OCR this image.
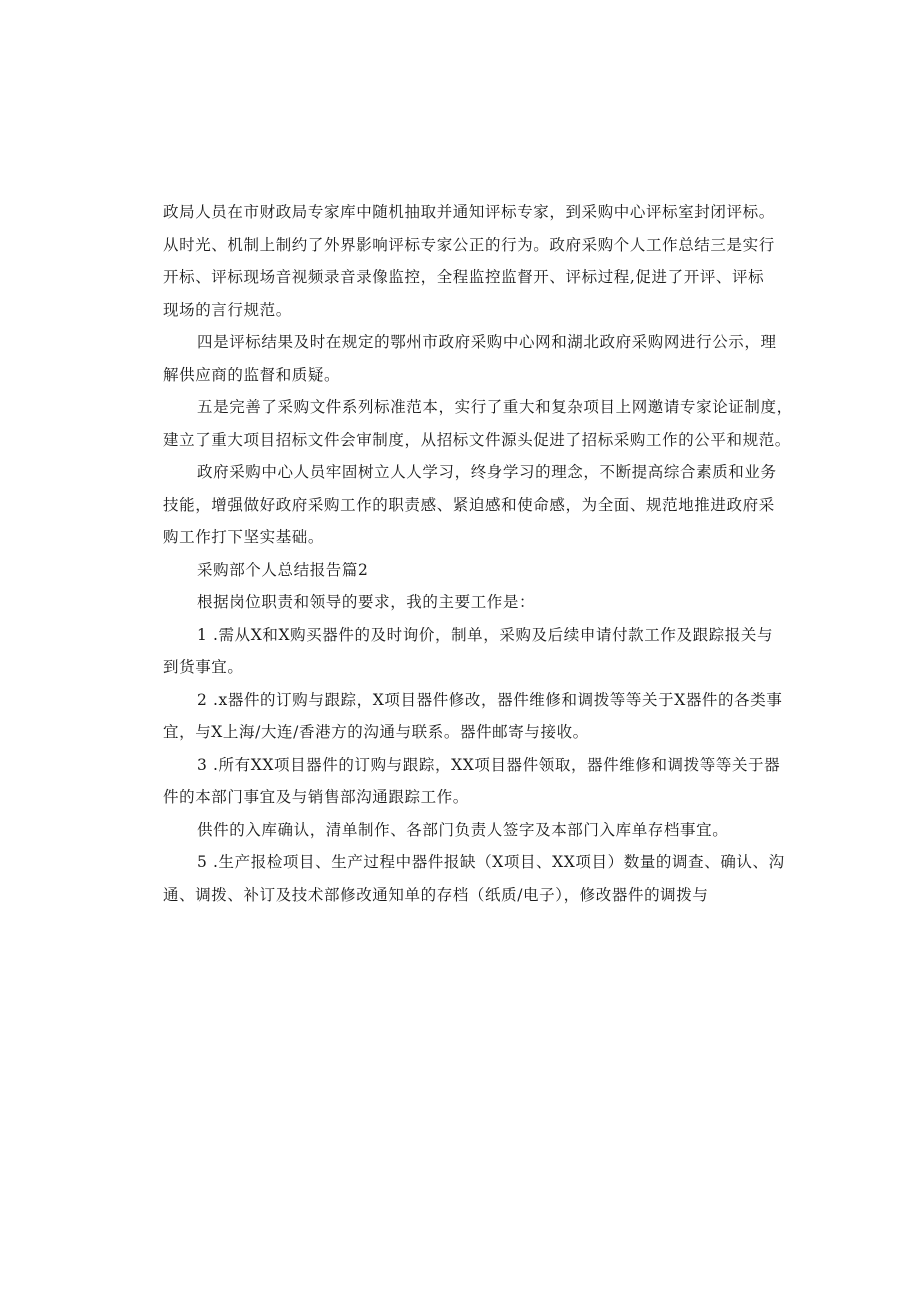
政局人员在市财政局专家库中随机抽取并通知评标专家，到采购中心评标室封闭评标。
从时光、机制上制约了外界影响评标专家公正的行为。政府采购个人工作总结三是实行
开标、评标现场音视频录音录像监控，全程监控监督开、评标过程,促进了开评、评标
现场的言行规范。
四是评标结果及时在规定的鄂州市政府采购中心网和湖北政府采购网进行公示，理
解供应商的监督和质疑。
五是完善了采购文件系列标准范本，实行了重大和复杂项目上网邀请专家论证制度，
建立了重大项目招标文件会审制度，从招标文件源头促进了招标采购工作的公平和规范。
政府采购中心人员牢固树立人人学习，终身学习的理念，不断提高综合素质和业务
技能，增强做好政府采购工作的职责感、紧迫感和使命感，为全面、规范地推进政府采
购工作打下坚实基础。
采购部个人总结报告篇2
根据岗位职责和领导的要求，我的主要工作是：
1 .需从X和X购买器件的及时询价，制单，采购及后续申请付款工作及跟踪报关与
到货事宜。
2 .x器件的订购与跟踪，X项目器件修改，器件维修和调拨等等关于X器件的各类事
宜，与X上海/大连/香港方的沟通与联系。器件邮寄与接收。
3 .所有XX项目器件的订购与跟踪，XX项目器件领取，器件维修和调拨等等关于器
件的本部门事宜及与销售部沟通跟踪工作。
供件的入库确认，清单制作、各部门负责人签字及本部门入库单存档事宜。
5 .生产报检项目、生产过程中器件报缺（X项目、XX项目）数量的调查、确认、沟
通、调拨、补订及技术部修改通知单的存档（纸质/电子），修改器件的调拨与
